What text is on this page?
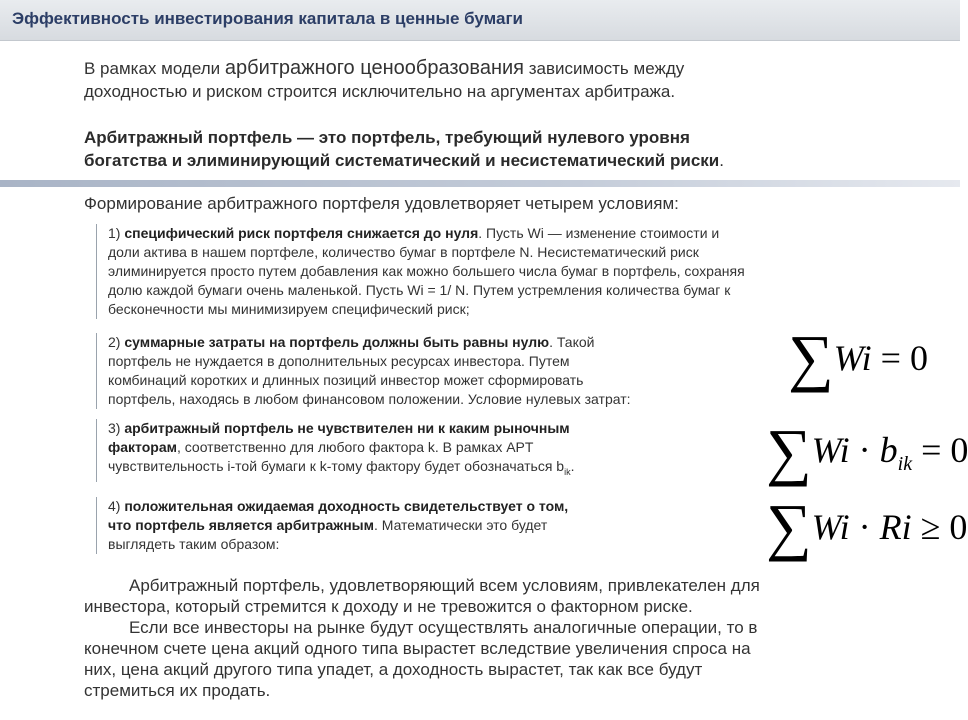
Эффективность инвестирования капитала в ценные бумаги

В рамках модели арбитражного ценообразования зависимость между
доходностью и риском строится исключительно на аргументах арбитража.

Арбитражный портфель — это портфель, требующий нулевого уровня
богатства и элиминирующий систематический и несистематический риски.

Формирование арбитражного портфеля удовлетворяет четырем условиям:

1) специфический риск портфеля снижается до нуля. Пусть Wi — изменение стоимости и
доли актива в нашем портфеле, количество бумаг в портфеле N. Несистематический риск
элиминируется просто путем добавления как можно большего числа бумаг в портфель, сохраняя
долю каждой бумаги очень маленькой. Пусть Wi = 1/ N. Путем устремления количества бумаг к
бесконечности мы минимизируем специфический риск;
2) суммарные затраты на портфель должны быть равны нулю. Такой
портфель не нуждается в дополнительных ресурсах инвестора. Путем
комбинаций коротких и длинных позиций инвестор может сформировать
портфель, находясь в любом финансовом положении. Условие нулевых затрат:
3) арбитражный портфель не чувствителен ни к каким рыночным
факторам, соответственно для любого фактора k. В рамках APT
чувствительность i-той бумаги к k-тому фактору будет обозначаться $b_{ik}$.
4) положительная ожидаемая доходность свидетельствует о том,
что портфель является арбитражным. Математически это будет
выглядеть таким образом:
∑Wi = 0
$\sum Wi \cdot b_{ik} = 0$
∑Wi · Ri ≥ 0
Арбитражный портфель, удовлетворяющий всем условиям, привлекателен для
инвестора, который стремится к доходу и не тревожится о факторном риске.
Если все инвесторы на рынке будут осуществлять аналогичные операции, то в
конечном счете цена акций одного типа вырастет вследствие увеличения спроса на
них, цена акций другого типа упадет, а доходность вырастет, так как все будут
стремиться их продать.
